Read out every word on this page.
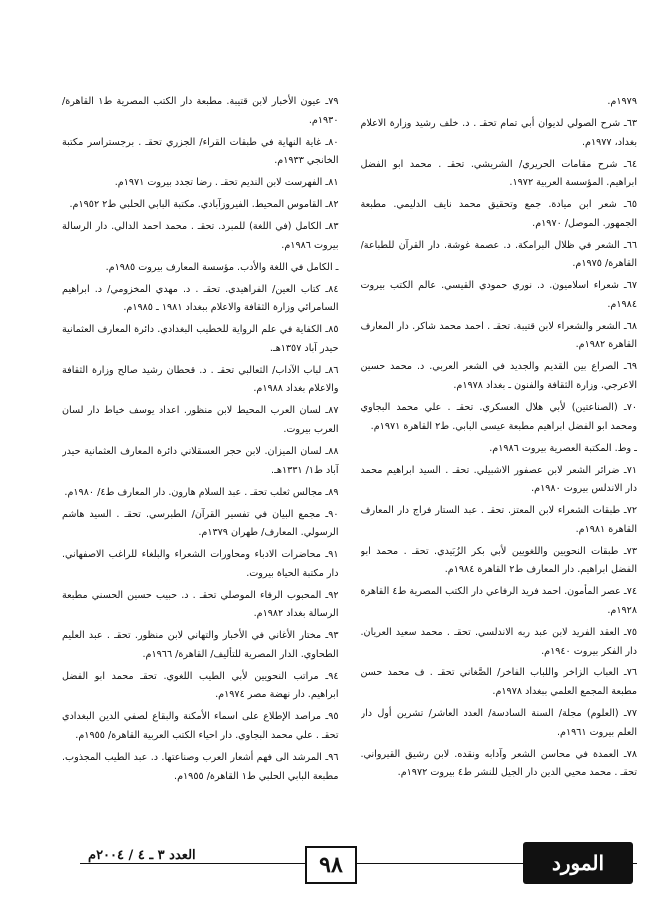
١٩٧٩م.
٦٣ـ شرح الصولي لديوان أبي تمام تحقـ . د. خلف رشيد وزارة الاعلام بغداد، ١٩٧٧م.
٦٤ـ شرح مقامات الحريري/ الشريشي. تحقـ . محمد ابو الفضل ابراهيم. المؤسسة العربية ١٩٧٢.
٦٥ـ شعر ابن ميادة. جمع وتحقيق محمد نايف الدليمي. مطبعة الجمهور. الموصل/ ١٩٧٠م.
٦٦ـ الشعر في ظلال البرامكة. د. عصمة غوشة. دار القرآن للطباعة/ القاهرة/ ١٩٧٥م.
٦٧ـ شعراء اسلاميون. د. نوري حمودي القيسي. عالم الكتب بيروت ١٩٨٤م.
٦٨ـ الشعر والشعراء لابن قتيبة. تحقـ . احمد محمد شاكر. دار المعارف القاهرة ١٩٨٢م.
٦٩ـ الصراع بين القديم والجديد في الشعر العربي. د. محمد حسين الاعرجي. وزارة الثقافة والفنون ـ بغداد ١٩٧٨م.
٧٠ـ (الصناعتين) لأبي هلال العسكري. تحقـ . علي محمد البجاوي ومحمد ابو الفضل ابراهيم مطبعة عيسى البابي. ط٢ القاهرة ١٩٧١م.
ـ وط. المكتبة العصرية بيروت ١٩٨٦م.
٧١ـ ضرائر الشعر لابن عصفور الاشبيلي. تحقـ . السيد ابراهيم محمد دار الاندلس بيروت ١٩٨٠م.
٧٢ـ طبقات الشعراء لابن المعتز. تحقـ . عبد الستار فراج دار المعارف القاهرة ١٩٨١م.
٧٣ـ طبقات النحويين واللغويين لأبي بكر الزُبَيدي. تحقـ . محمد ابو الفضل ابراهيم. دار المعارف ط٢ القاهرة ١٩٨٤م.
٧٤ـ عصر المأمون. احمد فريد الرفاعي دار الكتب المصرية ط٤ القاهرة ١٩٢٨م.
٧٥ـ العقد الفريد لابن عبد ربه الاندلسي. تحقـ . محمد سعيد العريان. دار الفكر بيروت ١٩٤٠م.
٧٦ـ العباب الزاخر واللباب الفاخر/ الصَّغاني تحقـ . ف محمد حسن مطبعة المجمع العلمي ببغداد ١٩٧٨م.
٧٧ـ (العلوم) مجلة/ السنة السادسة/ العدد العاشر/ تشرين أول دار العلم بيروت ١٩٦١م.
٧٨ـ العمدة في محاسن الشعر وآدابه ونقده. لابن رشيق القيرواني. تحقـ . محمد محيي الدين دار الجيل للنشر ط٤ بيروت ١٩٧٢م.
٧٩ـ عيون الأخبار لابن قتيبة. مطبعة دار الكتب المصرية ط١ القاهرة/ ١٩٣٠م.
٨٠ـ غاية النهاية في طبقات القراء/ الجزري تحقـ . برجستراسر مكتبة الخانجي ١٩٣٣م.
٨١ـ الفهرست لابن النديم تحقـ . رضا تجدد بيروت ١٩٧١م.
٨٢ـ القاموس المحيط. الفيروزآبادي. مكتبة البابي الحلبي ط٢ ١٩٥٢م.
٨٣ـ الكامل (في اللغة) للمبرد. تحقـ . محمد احمد الدالي. دار الرسالة بيروت ١٩٨٦م.
ـ الكامل في اللغة والأدب. مؤسسة المعارف بيروت ١٩٨٥م.
٨٤ـ كتاب العين/ الفراهيدي. تحقـ . د. مهدي المخزومي/ د. ابراهيم السامرائي وزارة الثقافة والاعلام ببغداد ١٩٨١ ـ ١٩٨٥م.
٨٥ـ الكفاية في علم الرواية للخطيب البغدادي. دائرة المعارف العثمانية حيدر آباد ١٣٥٧هـ.
٨٦ـ لباب الآداب/ الثعالبي تحقـ . د. قحطان رشيد صالح وزارة الثقافة والاعلام بغداد ١٩٨٨م.
٨٧ـ لسان العرب المحيط لابن منظور. اعداد يوسف خياط دار لسان العرب بيروت.
٨٨ـ لسان الميزان. لابن حجر العسقلاني دائرة المعارف العثمانية حيدر آباد ط١/ ١٣٣١هـ.
٨٩ـ مجالس ثعلب تحقـ . عبد السلام هارون. دار المعارف ط٤/ ١٩٨٠م.
٩٠ـ مجمع البيان في تفسير القرآن/ الطبرسي. تحقـ . السيد هاشم الرسولي. المعارف/ طهران ١٣٧٩م.
٩١ـ محاضرات الادباء ومحاورات الشعراء والبلغاء للراغب الاصفهاني. دار مكتبة الحياة بيروت.
٩٢ـ المحبوب الرفاء الموصلي تحقـ . د. حبيب حسين الحسني مطبعة الرسالة بغداد ١٩٨٢م.
٩٣ـ مختار الأغاني في الأخبار والتهاني لابن منظور. تحقـ . عبد العليم الطحاوي. الدار المصرية للتأليف/ القاهرة/ ١٩٦٦م.
٩٤ـ مراتب النحويين لأبي الطيب اللغوي. تحقـ محمد ابو الفضل ابراهيم. دار نهضة مصر ١٩٧٤م.
٩٥ـ مراصد الإطلاع على اسماء الأمكنة والبقاع لصفي الدين البغدادي تحقـ . علي محمد البجاوي. دار احياء الكتب العربية القاهرة/ ١٩٥٥م.
٩٦ـ المرشد الى فهم أشعار العرب وصناعتها. د. عبد الطيب المجذوب. مطبعة البابي الحلبي ط١ القاهرة/ ١٩٥٥م.
العدد ٣ ـ ٤ / ٢٠٠٤م	٩٨	المورد
